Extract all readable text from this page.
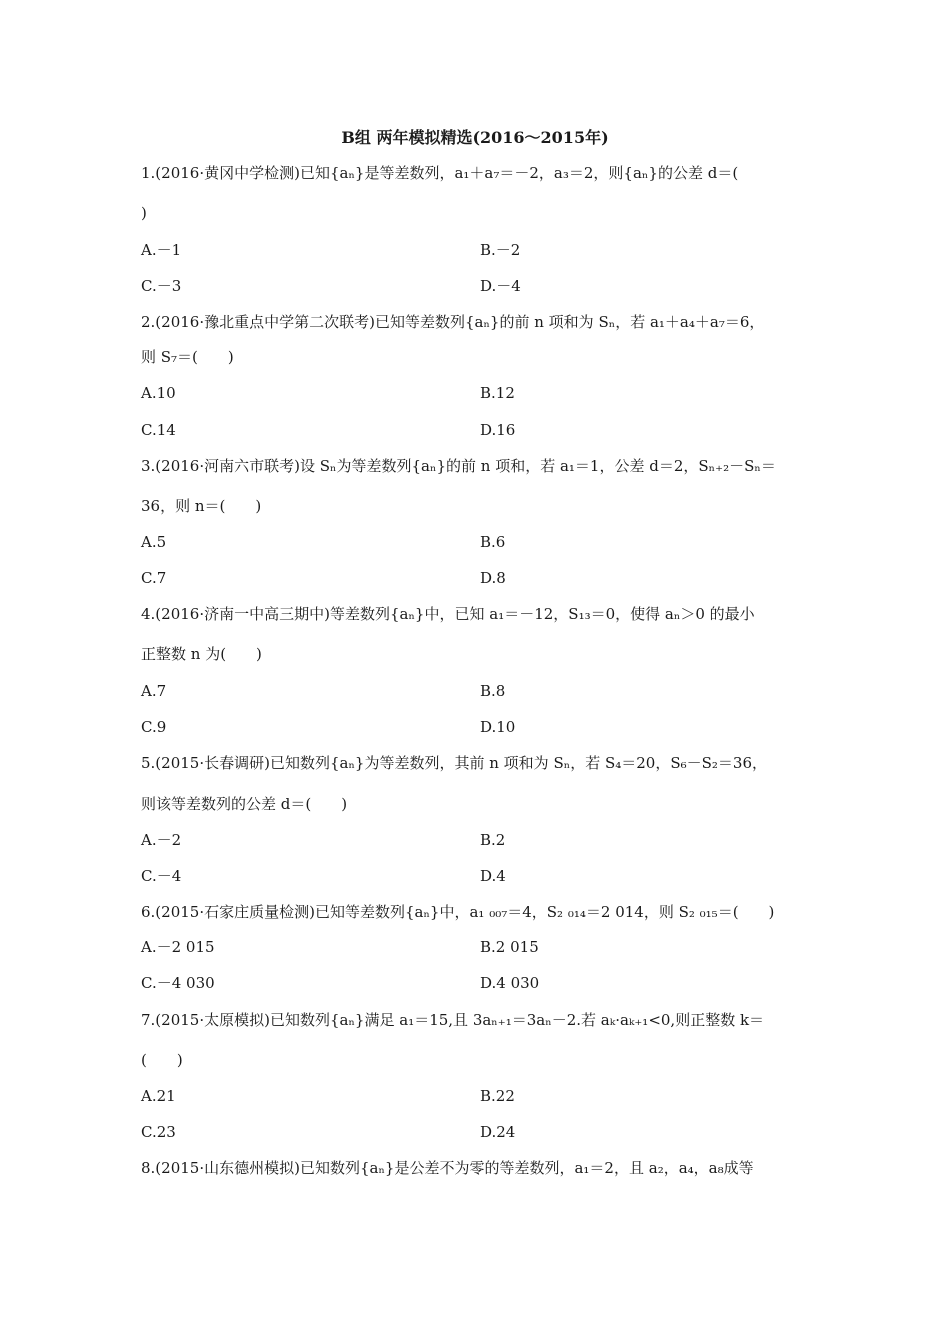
B组 两年模拟精选(2016～2015年)
1.(2016·黄冈中学检测)已知{aₙ}是等差数列，a₁＋a₇＝－2，a₃＝2，则{aₙ}的公差 d＝(
)
A.－1	B.－2
C.－3	D.－4
2.(2016·豫北重点中学第二次联考)已知等差数列{aₙ}的前 n 项和为 Sₙ，若 a₁＋a₄＋a₇＝6，
则 S₇＝(　　)
A.10	B.12
C.14	D.16
3.(2016·河南六市联考)设 Sₙ为等差数列{aₙ}的前 n 项和，若 a₁＝1，公差 d＝2，Sₙ₊₂－Sₙ＝
36，则 n＝(　　)
A.5	B.6
C.7	D.8
4.(2016·济南一中高三期中)等差数列{aₙ}中，已知 a₁＝－12，S₁₃＝0，使得 aₙ＞0 的最小
正整数 n 为(　　)
A.7	B.8
C.9	D.10
5.(2015·长春调研)已知数列{aₙ}为等差数列，其前 n 项和为 Sₙ，若 S₄＝20，S₆－S₂＝36，
则该等差数列的公差 d＝(　　)
A.－2	B.2
C.－4	D.4
6.(2015·石家庄质量检测)已知等差数列{aₙ}中，a₁ ₀₀₇＝4，S₂ ₀₁₄＝2 014，则 S₂ ₀₁₅＝(　　)
A.－2 015	B.2 015
C.－4 030	D.4 030
7.(2015·太原模拟)已知数列{aₙ}满足 a₁＝15,且 3aₙ₊₁＝3aₙ－2.若 aₖ·aₖ₊₁<0,则正整数 k＝
(　　)
A.21	B.22
C.23	D.24
8.(2015·山东德州模拟)已知数列{aₙ}是公差不为零的等差数列，a₁＝2，且 a₂，a₄，a₈成等
